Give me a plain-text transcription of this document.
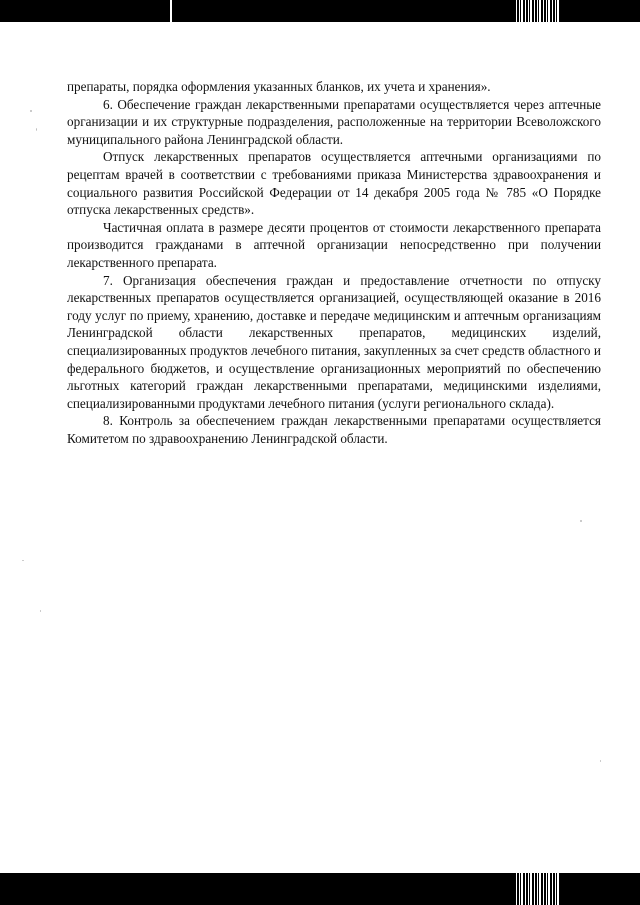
препараты, порядка оформления указанных бланков, их учета и хранения».

6. Обеспечение граждан лекарственными препаратами осуществляется через аптечные организации и их структурные подразделения, расположенные на территории Всеволожского муниципального района Ленинградской области.

Отпуск лекарственных препаратов осуществляется аптечными организациями по рецептам врачей в соответствии с требованиями приказа Министерства здравоохранения и социального развития Российской Федерации от 14 декабря 2005 года № 785 «О Порядке отпуска лекарственных средств».

Частичная оплата в размере десяти процентов от стоимости лекарственного препарата производится гражданами в аптечной организации непосредственно при получении лекарственного препарата.

7. Организация обеспечения граждан и предоставление отчетности по отпуску лекарственных препаратов осуществляется организацией, осуществляющей оказание в 2016 году услуг по приему, хранению, доставке и передаче медицинским и аптечным организациям Ленинградской области лекарственных препаратов, медицинских изделий, специализированных продуктов лечебного питания, закупленных за счет средств областного и федерального бюджетов, и осуществление организационных мероприятий по обеспечению льготных категорий граждан лекарственными препаратами, медицинскими изделиями, специализированными продуктами лечебного питания (услуги регионального склада).

8. Контроль за обеспечением граждан лекарственными препаратами осуществляется Комитетом по здравоохранению Ленинградской области.
